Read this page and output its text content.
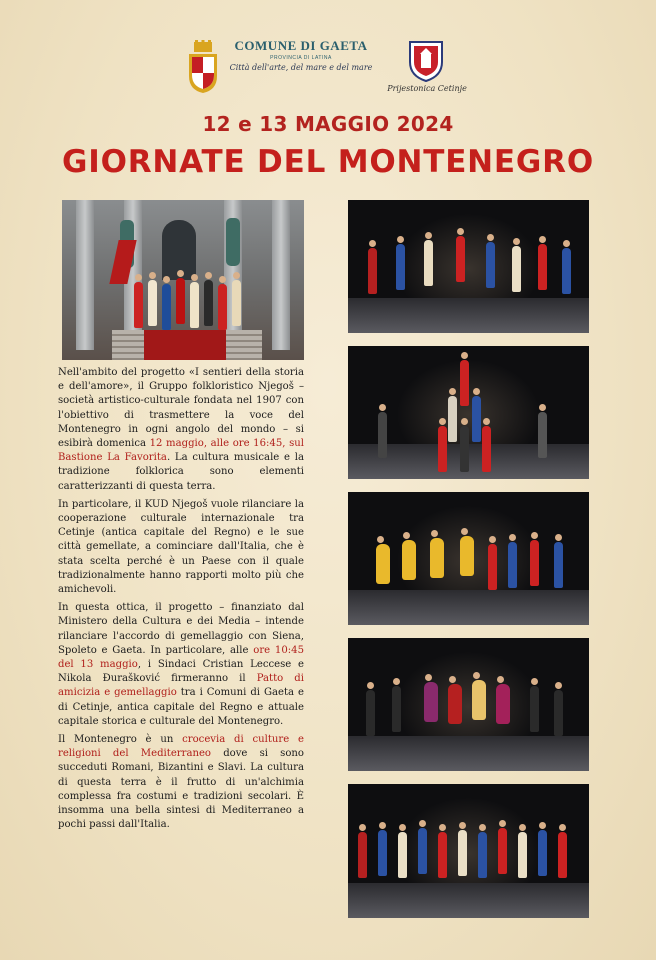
COMUNE DI GAETA
PROVINCIA DI LATINA
Città dell'arte, del mare e del mare
Prijestonica Cetinje
12 e 13 MAGGIO 2024
GIORNATE DEL MONTENEGRO

Nell'ambito del progetto «I sentieri della storia e dell'amore», il Gruppo folkloristico Njegoš – società artistico-culturale fondata nel 1907 con l'obiettivo di trasmettere la voce del Montenegro in ogni angolo del mondo – si esibirà domenica 12 maggio, alle ore 16:45, sul Bastione La Favorita. La cultura musicale e la tradizione folklorica sono elementi caratterizzanti di questa terra.

In particolare, il KUD Njegoš vuole rilanciare la cooperazione culturale internazionale tra Cetinje (antica capitale del Regno) e le sue città gemellate, a cominciare dall'Italia, che è stata scelta perché è un Paese con il quale tradizionalmente hanno rapporti molto più che amichevoli.

In questa ottica, il progetto – finanziato dal Ministero della Cultura e dei Media – intende rilanciare l'accordo di gemellaggio con Siena, Spoleto e Gaeta. In particolare, alle ore 10:45 del 13 maggio, i Sindaci Cristian Leccese e Nikola Đurašković firmeranno il Patto di amicizia e gemellaggio tra i Comuni di Gaeta e di Cetinje, antica capitale del Regno e attuale capitale storica e culturale del Montenegro.

Il Montenegro è un crocevia di culture e religioni del Mediterraneo dove si sono succeduti Romani, Bizantini e Slavi. La cultura di questa terra è il frutto di un'alchimia complessa fra costumi e tradizioni secolari. È insomma una bella sintesi di Mediterraneo a pochi passi dall'Italia.
